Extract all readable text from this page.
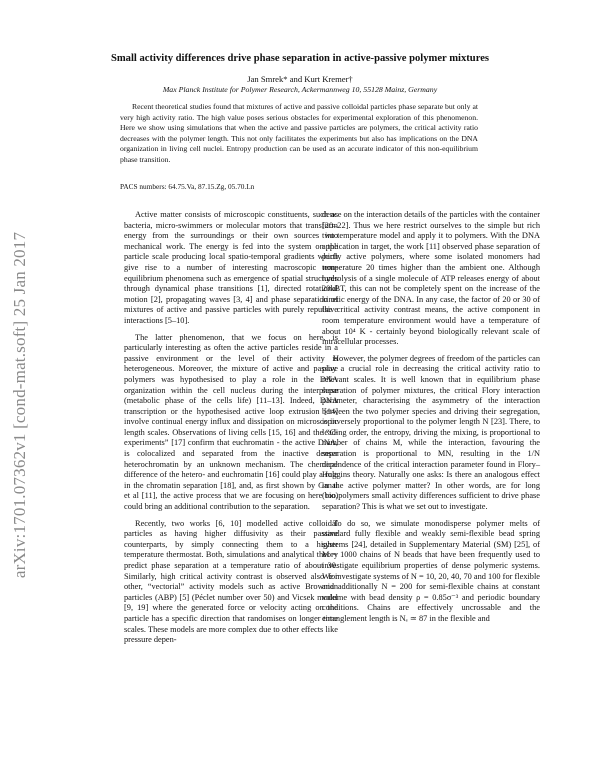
arXiv:1701.07362v1 [cond-mat.soft] 25 Jan 2017
Small activity differences drive phase separation in active-passive polymer mixtures
Jan Smrek* and Kurt Kremer†
Max Planck Institute for Polymer Research, Ackermannweg 10, 55128 Mainz, Germany
Recent theoretical studies found that mixtures of active and passive colloidal particles phase separate but only at very high activity ratio. The high value poses serious obstacles for experimental exploration of this phenomenon. Here we show using simulations that when the active and passive particles are polymers, the critical activity ratio decreases with the polymer length. This not only facilitates the experiments but also has implications on the DNA organization in living cell nuclei. Entropy production can be used as an accurate indicator of this non-equilibrium phase transition.
PACS numbers: 64.75.Va, 87.15.Zg, 05.70.Ln

Active matter consists of microscopic constituents, such as bacteria, micro-swimmers or molecular motors that transform energy from the surroundings or their own sources into mechanical work. The energy is fed into the system on the particle scale producing local spatio-temporal gradients which give rise to a number of interesting macroscopic non-equilibrium phenomena such as emergence of spatial structures through dynamical phase transitions [1], directed rotational motion [2], propagating waves [3, 4] and phase separation of mixtures of active and passive particles with purely repulsive interactions [5–10].

The latter phenomenon, that we focus on here, is particularly interesting as often the active particles reside in a passive environment or the level of their activity is heterogeneous. Moreover, the mixture of active and passive polymers was hypothesised to play a role in the DNA organization within the cell nucleus during the interphase (metabolic phase of the cells life) [11–13]. Indeed, DNA transcription or the hypothesised active loop extrusion [14] involve continual energy influx and dissipation on microscopic length scales. Observations of living cells [15, 16] and the “C-experiments” [17] confirm that euchromatin - the active DNA, is colocalized and separated from the inactive denser heterochromatin by an unknown mechanism. The chemical difference of the hetero- and euchromatin [16] could play a role in the chromatin separation [18], and, as first shown by Ganai et al [11], the active process that we are focusing on here too, could bring an additional contribution to the separation.

Recently, two works [6, 10] modelled active colloidal particles as having higher diffusivity as their passive counterparts, by simply connecting them to a higher temperature thermostat. Both, simulations and analytical theory predict phase separation at a temperature ratio of about 30. Similarly, high critical activity contrast is observed also for other, “vectorial” activity models such as active Brownian particles (ABP) [5] (Péclet number over 50) and Vicsek model [9, 19] where the generated force or velocity acting on the particle has a specific direction that randomises on longer time scales. These models are more complex due to other effects like pressure depen-

dence on the interaction details of the particles with the container [20–22]. Thus we here restrict ourselves to the simple but rich two temperature model and apply it to polymers. With the DNA application in target, the work [11] observed phase separation of partly active polymers, where some isolated monomers had temperature 20 times higher than the ambient one. Although hydrolysis of a single molecule of ATP releases energy of about 20kBT, this can not be completely spent on the increase of the kinetic energy of the DNA. In any case, the factor of 20 or 30 of the critical activity contrast means, the active component in room temperature environment would have a temperature of about 10⁴ K - certainly beyond biologically relevant scale of intracellular processes.

However, the polymer degrees of freedom of the particles can play a crucial role in decreasing the critical activity ratio to relevant scales. It is well known that in equilibrium phase separation of polymer mixtures, the critical Flory interaction parameter, characterising the asymmetry of the interaction between the two polymer species and driving their segregation, is inversely proportional to the polymer length N [23]. There, to leading order, the entropy, driving the mixing, is proportional to number of chains M, while the interaction, favouring the separation is proportional to MN, resulting in the 1/N dependence of the critical interaction parameter found in Flory–Huggins theory. Naturally one asks: Is there an analogous effect in the active polymer matter? In other words, are for long (bio)polymers small activity differences sufficient to drive phase separation? This is what we set out to investigate.

To do so, we simulate monodisperse polymer melts of standard fully flexible and weakly semi-flexible bead spring systems [24], detailed in Supplementary Material (SM) [25], of M = 1000 chains of N beads that have been frequently used to investigate equilibrium properties of dense polymeric systems. We investigate systems of N = 10, 20, 40, 70 and 100 for flexible and additionally N = 200 for semi-flexible chains at constant volume with bead density ρ = 0.85σ⁻³ and periodic boundary conditions. Chains are effectively uncrossable and the entanglement length is Nₑ ≃ 87 in the flexible and
